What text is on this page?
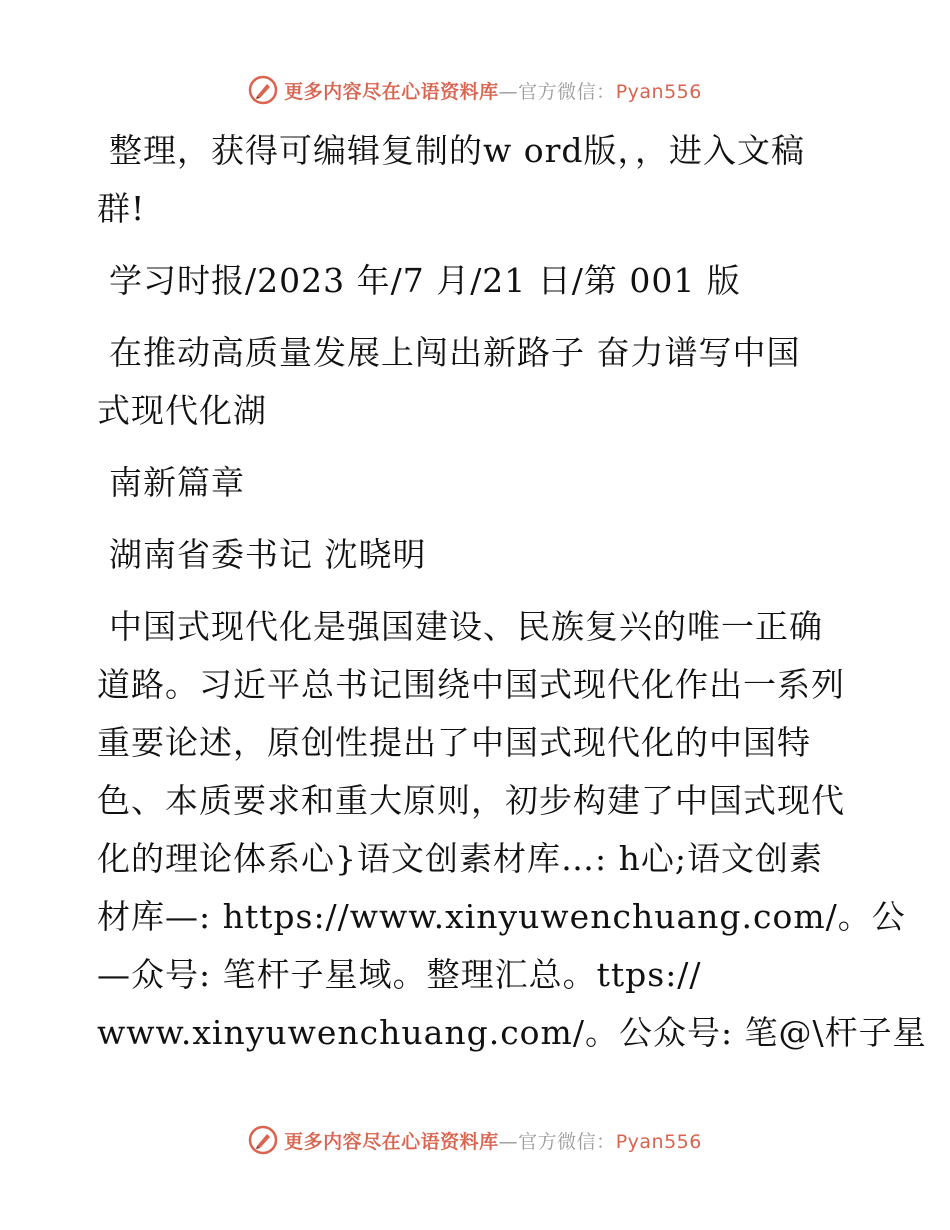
更多内容尽在心语资料库—官方微信：Pyan556
整理，获得可编辑复制的w ord版，，进入文稿
群!
学习时报/2023 年/7 月/21 日/第 001 版
在推动高质量发展上闯出新路子 奋力谱写中国
式现代化湖
南新篇章
湖南省委书记 沈晓明
中国式现代化是强国建设、民族复兴的唯一正确
道路。习近平总书记围绕中国式现代化作出一系列
重要论述，原创性提出了中国式现代化的中国特
色、本质要求和重大原则，初步构建了中国式现代
化的理论体系心}语文创素材库…: h心;语文创素
材库—: https://www.xinyuwenchuang.com/。公
—众号: 笔杆子星域。整理汇总。ttps://
www.xinyuwenchuang.com/。公众号: 笔@\杆子星
更多内容尽在心语资料库—官方微信：Pyan556
